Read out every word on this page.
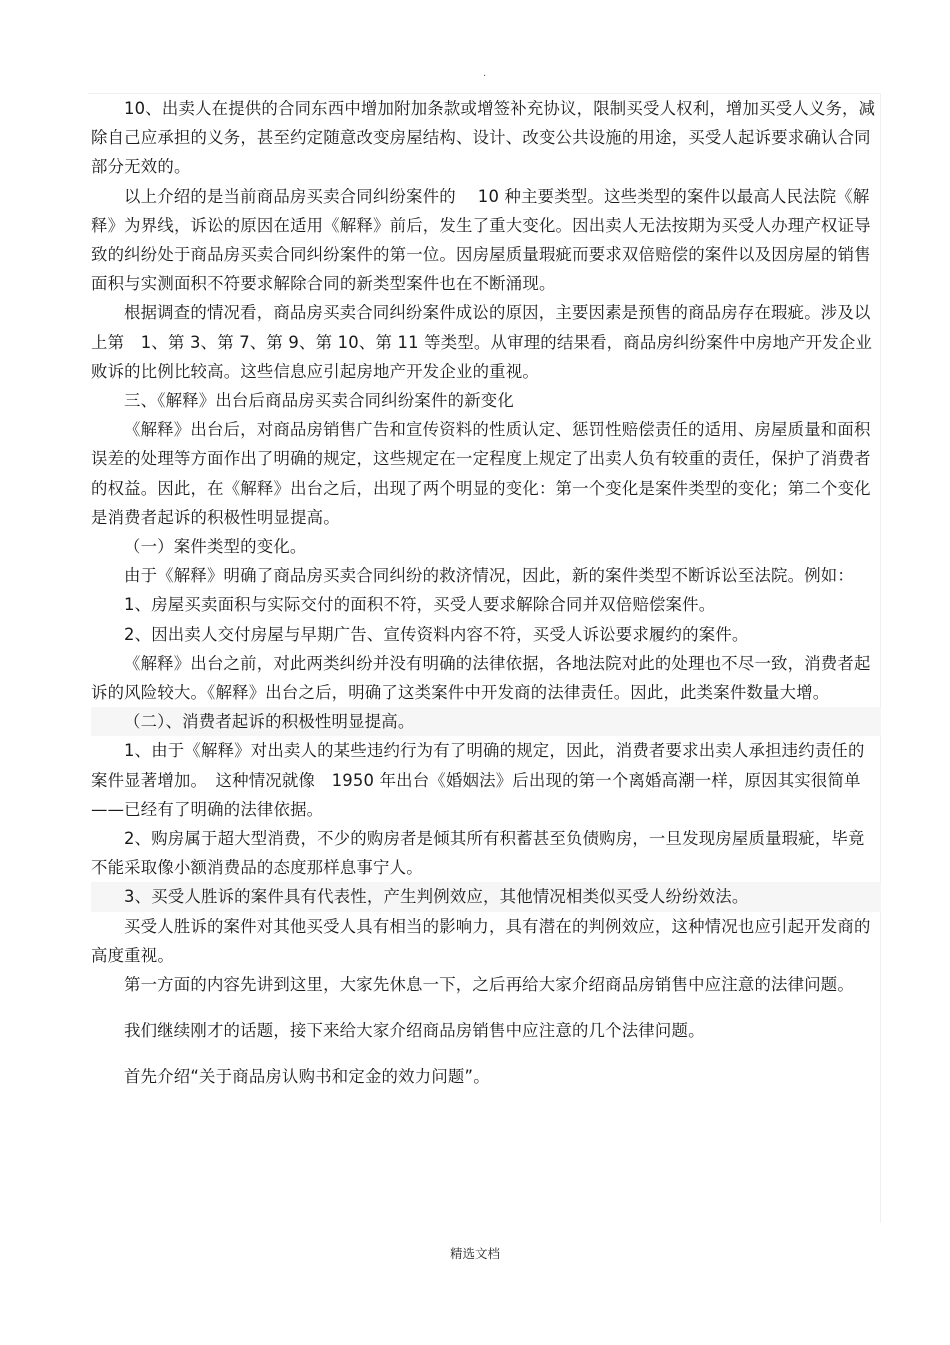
·

10、出卖人在提供的合同东西中增加附加条款或增签补充协议，限制买受人权利，增加买受人义务，减除自己应承担的义务，甚至约定随意改变房屋结构、设计、改变公共设施的用途，买受人起诉要求确认合同部分无效的。

以上介绍的是当前商品房买卖合同纠纷案件的　 10 种主要类型。这些类型的案件以最高人民法院《解释》为界线，诉讼的原因在适用《解释》前后，发生了重大变化。因出卖人无法按期为买受人办理产权证导致的纠纷处于商品房买卖合同纠纷案件的第一位。因房屋质量瑕疵而要求双倍赔偿的案件以及因房屋的销售面积与实测面积不符要求解除合同的新类型案件也在不断涌现。

根据调查的情况看，商品房买卖合同纠纷案件成讼的原因，主要因素是预售的商品房存在瑕疵。涉及以上第　1、第 3、第 7、第 9、第 10、第 11 等类型。从审理的结果看，商品房纠纷案件中房地产开发企业败诉的比例比较高。这些信息应引起房地产开发企业的重视。

三、《解释》出台后商品房买卖合同纠纷案件的新变化

《解释》出台后，对商品房销售广告和宣传资料的性质认定、惩罚性赔偿责任的适用、房屋质量和面积误差的处理等方面作出了明确的规定，这些规定在一定程度上规定了出卖人负有较重的责任，保护了消费者的权益。因此，在《解释》出台之后，出现了两个明显的变化：第一个变化是案件类型的变化；第二个变化是消费者起诉的积极性明显提高。

（一）案件类型的变化。

由于《解释》明确了商品房买卖合同纠纷的救济情况，因此，新的案件类型不断诉讼至法院。例如：

1、房屋买卖面积与实际交付的面积不符，买受人要求解除合同并双倍赔偿案件。

2、因出卖人交付房屋与早期广告、宣传资料内容不符，买受人诉讼要求履约的案件。

《解释》出台之前，对此两类纠纷并没有明确的法律依据，各地法院对此的处理也不尽一致，消费者起诉的风险较大。《解释》出台之后，明确了这类案件中开发商的法律责任。因此，此类案件数量大增。

（二）、消费者起诉的积极性明显提高。

1、由于《解释》对出卖人的某些违约行为有了明确的规定，因此，消费者要求出卖人承担违约责任的案件显著增加。　这种情况就像　1950 年出台《婚姻法》后出现的第一个离婚高潮一样，原因其实很简单——已经有了明确的法律依据。

2、购房属于超大型消费，不少的购房者是倾其所有积蓄甚至负债购房，一旦发现房屋质量瑕疵，毕竟不能采取像小额消费品的态度那样息事宁人。

3、买受人胜诉的案件具有代表性，产生判例效应，其他情况相类似买受人纷纷效法。

买受人胜诉的案件对其他买受人具有相当的影响力，具有潜在的判例效应，这种情况也应引起开发商的高度重视。

第一方面的内容先讲到这里，大家先休息一下，之后再给大家介绍商品房销售中应注意的法律问题。

我们继续刚才的话题，接下来给大家介绍商品房销售中应注意的几个法律问题。

首先介绍“关于商品房认购书和定金的效力问题”。

精选文档
